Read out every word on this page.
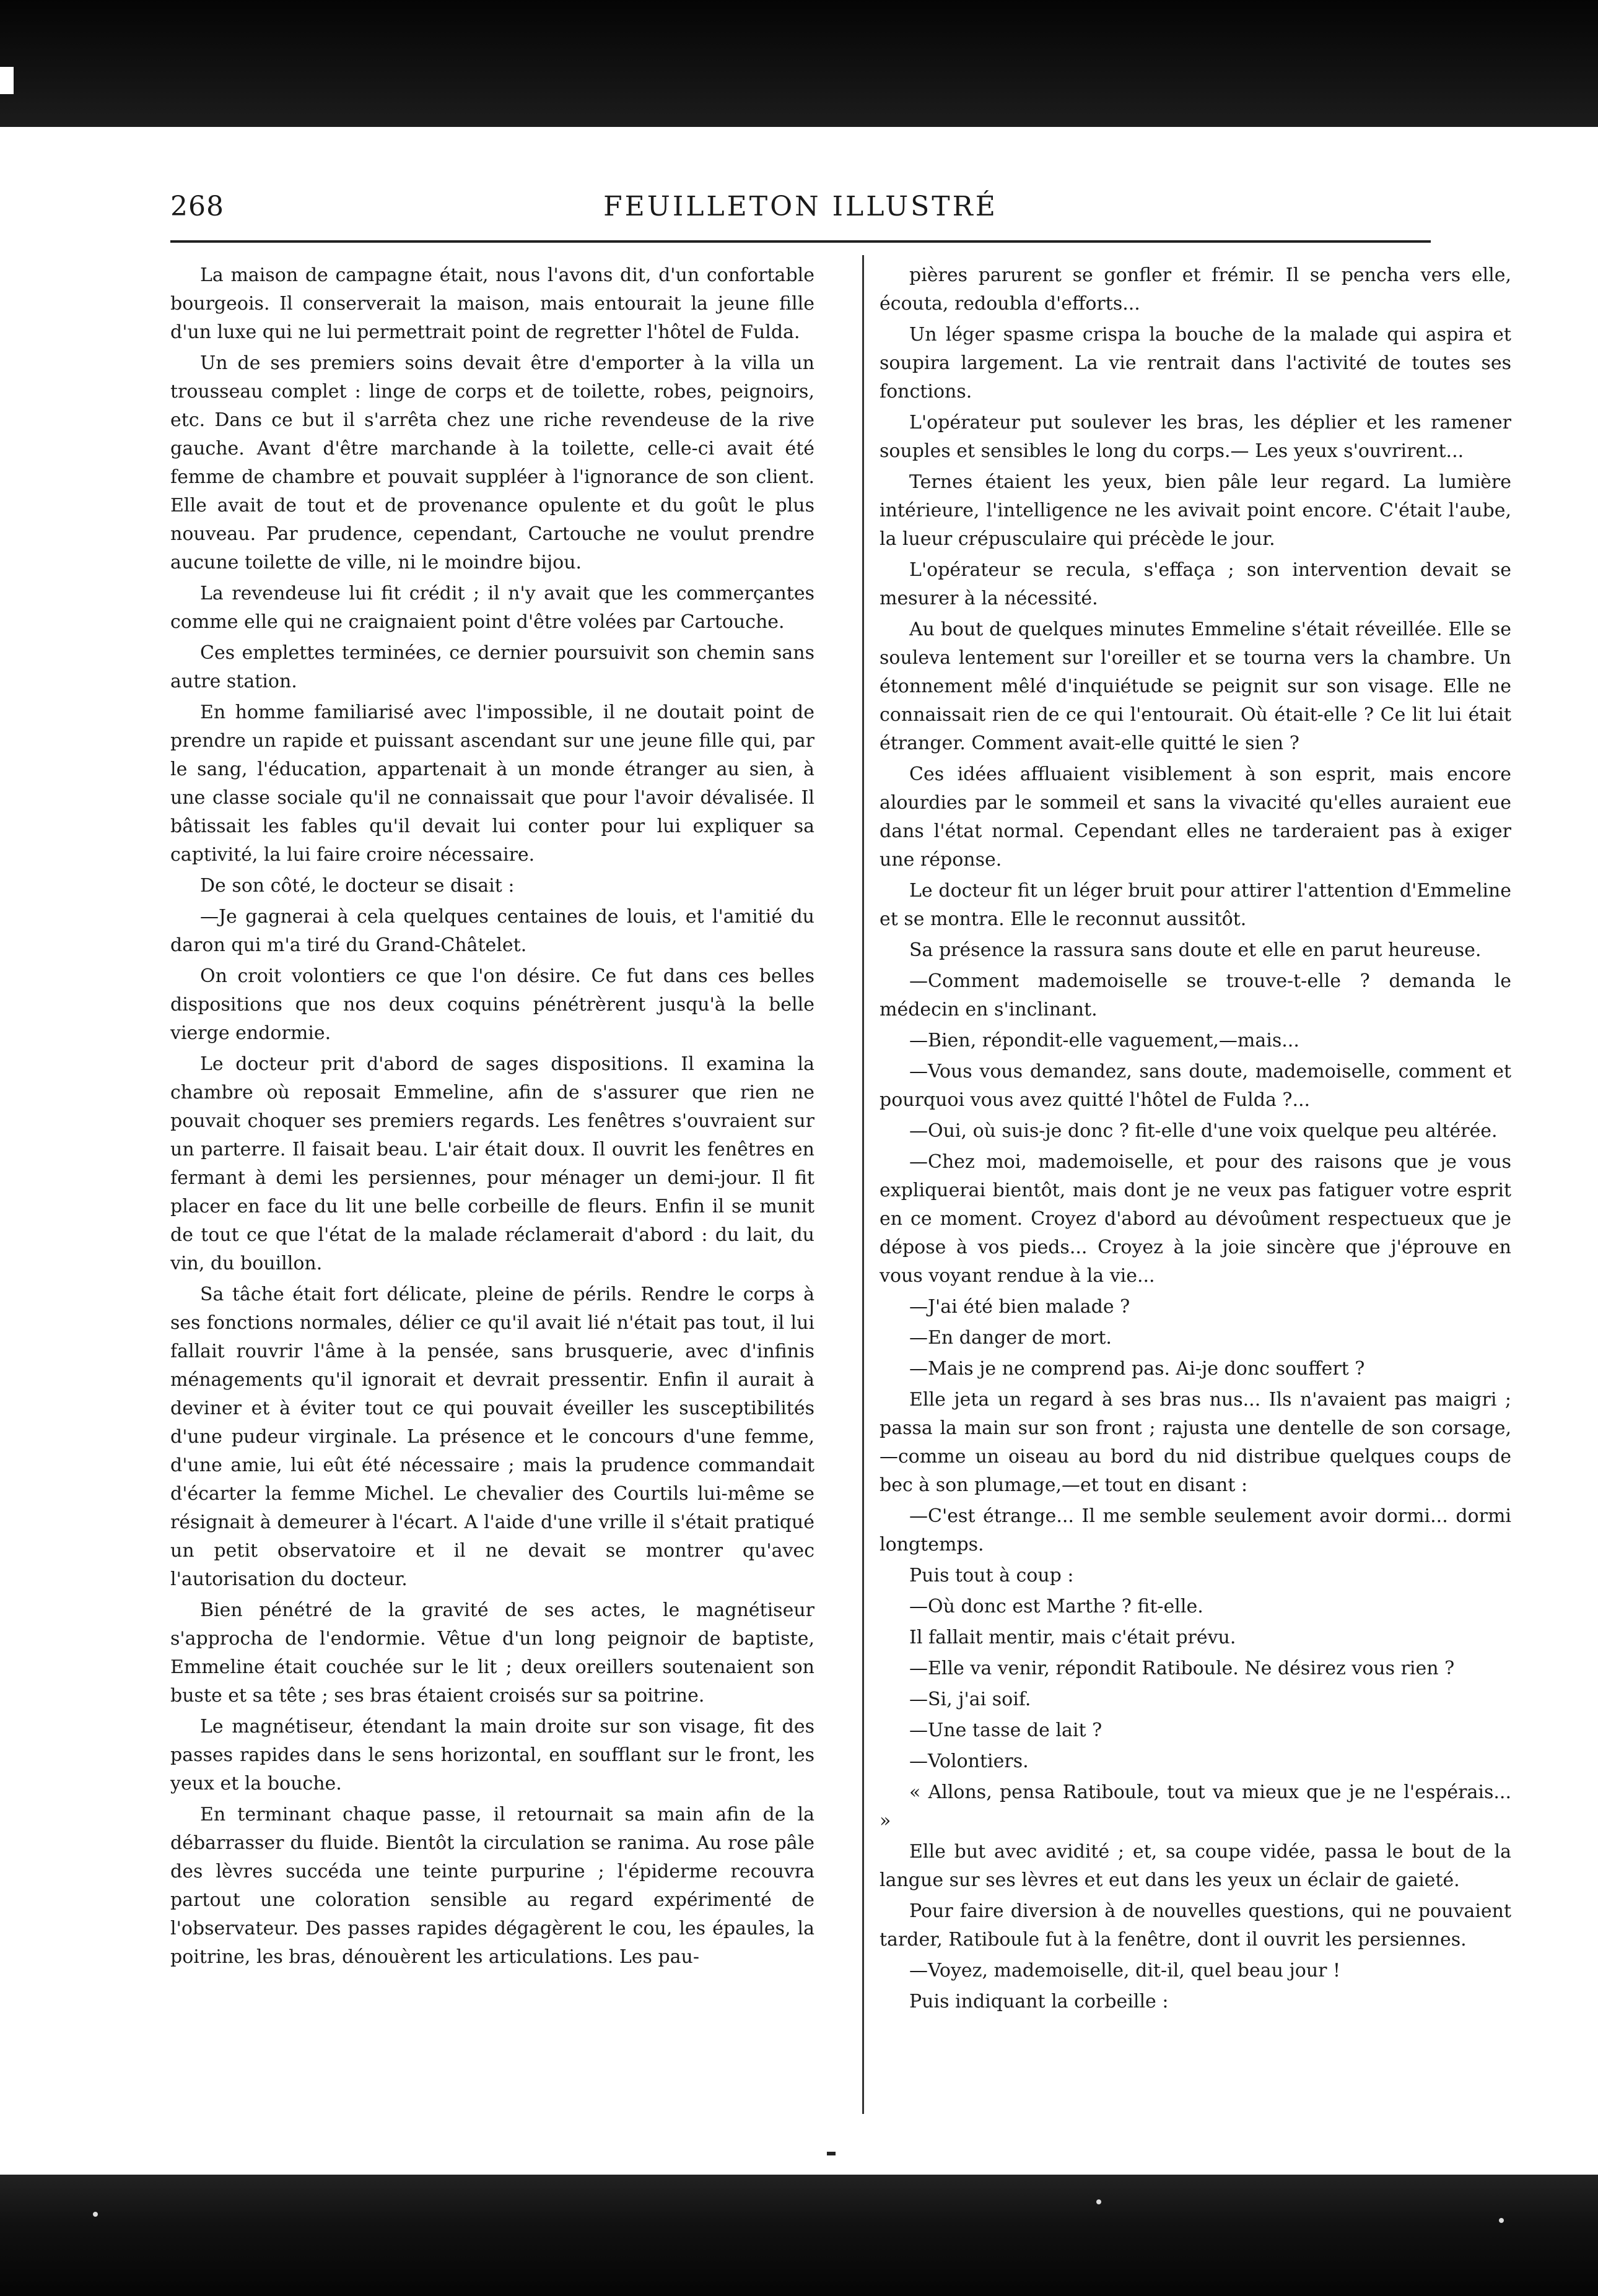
268	FEUILLETON ILLUSTRÉ

La maison de campagne était, nous l'avons dit, d'un confortable bourgeois. Il conserverait la maison, mais entourait la jeune fille d'un luxe qui ne lui permettrait point de regretter l'hôtel de Fulda.

Un de ses premiers soins devait être d'emporter à la villa un trousseau complet : linge de corps et de toilette, robes, peignoirs, etc. Dans ce but il s'arrêta chez une riche revendeuse de la rive gauche. Avant d'être marchande à la toilette, celle-ci avait été femme de chambre et pouvait suppléer à l'ignorance de son client. Elle avait de tout et de provenance opulente et du goût le plus nouveau. Par prudence, cependant, Cartouche ne voulut prendre aucune toilette de ville, ni le moindre bijou.

La revendeuse lui fit crédit ; il n'y avait que les commerçantes comme elle qui ne craignaient point d'être volées par Cartouche.

Ces emplettes terminées, ce dernier poursuivit son chemin sans autre station.

En homme familiarisé avec l'impossible, il ne doutait point de prendre un rapide et puissant ascendant sur une jeune fille qui, par le sang, l'éducation, appartenait à un monde étranger au sien, à une classe sociale qu'il ne connaissait que pour l'avoir dévalisée. Il bâtissait les fables qu'il devait lui conter pour lui expliquer sa captivité, la lui faire croire nécessaire.

De son côté, le docteur se disait :

—Je gagnerai à cela quelques centaines de louis, et l'amitié du daron qui m'a tiré du Grand-Châtelet.

On croit volontiers ce que l'on désire. Ce fut dans ces belles dispositions que nos deux coquins pénétrèrent jusqu'à la belle vierge endormie.

Le docteur prit d'abord de sages dispositions. Il examina la chambre où reposait Emmeline, afin de s'assurer que rien ne pouvait choquer ses premiers regards. Les fenêtres s'ouvraient sur un parterre. Il faisait beau. L'air était doux. Il ouvrit les fenêtres en fermant à demi les persiennes, pour ménager un demi-jour. Il fit placer en face du lit une belle corbeille de fleurs. Enfin il se munit de tout ce que l'état de la malade réclamerait d'abord : du lait, du vin, du bouillon.

Sa tâche était fort délicate, pleine de périls. Rendre le corps à ses fonctions normales, délier ce qu'il avait lié n'était pas tout, il lui fallait rouvrir l'âme à la pensée, sans brusquerie, avec d'infinis ménagements qu'il ignorait et devrait pressentir. Enfin il aurait à deviner et à éviter tout ce qui pouvait éveiller les susceptibilités d'une pudeur virginale. La présence et le concours d'une femme, d'une amie, lui eût été nécessaire ; mais la prudence commandait d'écarter la femme Michel. Le chevalier des Courtils lui-même se résignait à demeurer à l'écart. A l'aide d'une vrille il s'était pratiqué un petit observatoire et il ne devait se montrer qu'avec l'autorisation du docteur.

Bien pénétré de la gravité de ses actes, le magnétiseur s'approcha de l'endormie. Vêtue d'un long peignoir de baptiste, Emmeline était couchée sur le lit ; deux oreillers soutenaient son buste et sa tête ; ses bras étaient croisés sur sa poitrine.

Le magnétiseur, étendant la main droite sur son visage, fit des passes rapides dans le sens horizontal, en soufflant sur le front, les yeux et la bouche.

En terminant chaque passe, il retournait sa main afin de la débarrasser du fluide. Bientôt la circulation se ranima. Au rose pâle des lèvres succéda une teinte purpurine ; l'épiderme recouvra partout une coloration sensible au regard expérimenté de l'observateur. Des passes rapides dégagèrent le cou, les épaules, la poitrine, les bras, dénouèrent les articulations. Les pau-

pières parurent se gonfler et frémir. Il se pencha vers elle, écouta, redoubla d'efforts...

Un léger spasme crispa la bouche de la malade qui aspira et soupira largement. La vie rentrait dans l'activité de toutes ses fonctions.

L'opérateur put soulever les bras, les déplier et les ramener souples et sensibles le long du corps.— Les yeux s'ouvrirent...

Ternes étaient les yeux, bien pâle leur regard. La lumière intérieure, l'intelligence ne les avivait point encore. C'était l'aube, la lueur crépusculaire qui précède le jour.

L'opérateur se recula, s'effaça ; son intervention devait se mesurer à la nécessité.

Au bout de quelques minutes Emmeline s'était réveillée. Elle se souleva lentement sur l'oreiller et se tourna vers la chambre. Un étonnement mêlé d'inquiétude se peignit sur son visage. Elle ne connaissait rien de ce qui l'entourait. Où était-elle ? Ce lit lui était étranger. Comment avait-elle quitté le sien ?

Ces idées affluaient visiblement à son esprit, mais encore alourdies par le sommeil et sans la vivacité qu'elles auraient eue dans l'état normal. Cependant elles ne tarderaient pas à exiger une réponse.

Le docteur fit un léger bruit pour attirer l'attention d'Emmeline et se montra. Elle le reconnut aussitôt.

Sa présence la rassura sans doute et elle en parut heureuse.

—Comment mademoiselle se trouve-t-elle ? demanda le médecin en s'inclinant.

—Bien, répondit-elle vaguement,—mais...

—Vous vous demandez, sans doute, mademoiselle, comment et pourquoi vous avez quitté l'hôtel de Fulda ?...

—Oui, où suis-je donc ? fit-elle d'une voix quelque peu altérée.

—Chez moi, mademoiselle, et pour des raisons que je vous expliquerai bientôt, mais dont je ne veux pas fatiguer votre esprit en ce moment. Croyez d'abord au dévoûment respectueux que je dépose à vos pieds... Croyez à la joie sincère que j'éprouve en vous voyant rendue à la vie...

—J'ai été bien malade ?

—En danger de mort.

—Mais je ne comprend pas. Ai-je donc souffert ?

Elle jeta un regard à ses bras nus... Ils n'avaient pas maigri ; passa la main sur son front ; rajusta une dentelle de son corsage,—comme un oiseau au bord du nid distribue quelques coups de bec à son plumage,—et tout en disant :

—C'est étrange... Il me semble seulement avoir dormi... dormi longtemps.

Puis tout à coup :

—Où donc est Marthe ? fit-elle.

Il fallait mentir, mais c'était prévu.

—Elle va venir, répondit Ratiboule. Ne désirez vous rien ?

—Si, j'ai soif.

—Une tasse de lait ?

—Volontiers.

« Allons, pensa Ratiboule, tout va mieux que je ne l'espérais... »

Elle but avec avidité ; et, sa coupe vidée, passa le bout de la langue sur ses lèvres et eut dans les yeux un éclair de gaieté.

Pour faire diversion à de nouvelles questions, qui ne pouvaient tarder, Ratiboule fut à la fenêtre, dont il ouvrit les persiennes.

—Voyez, mademoiselle, dit-il, quel beau jour !

Puis indiquant la corbeille :
